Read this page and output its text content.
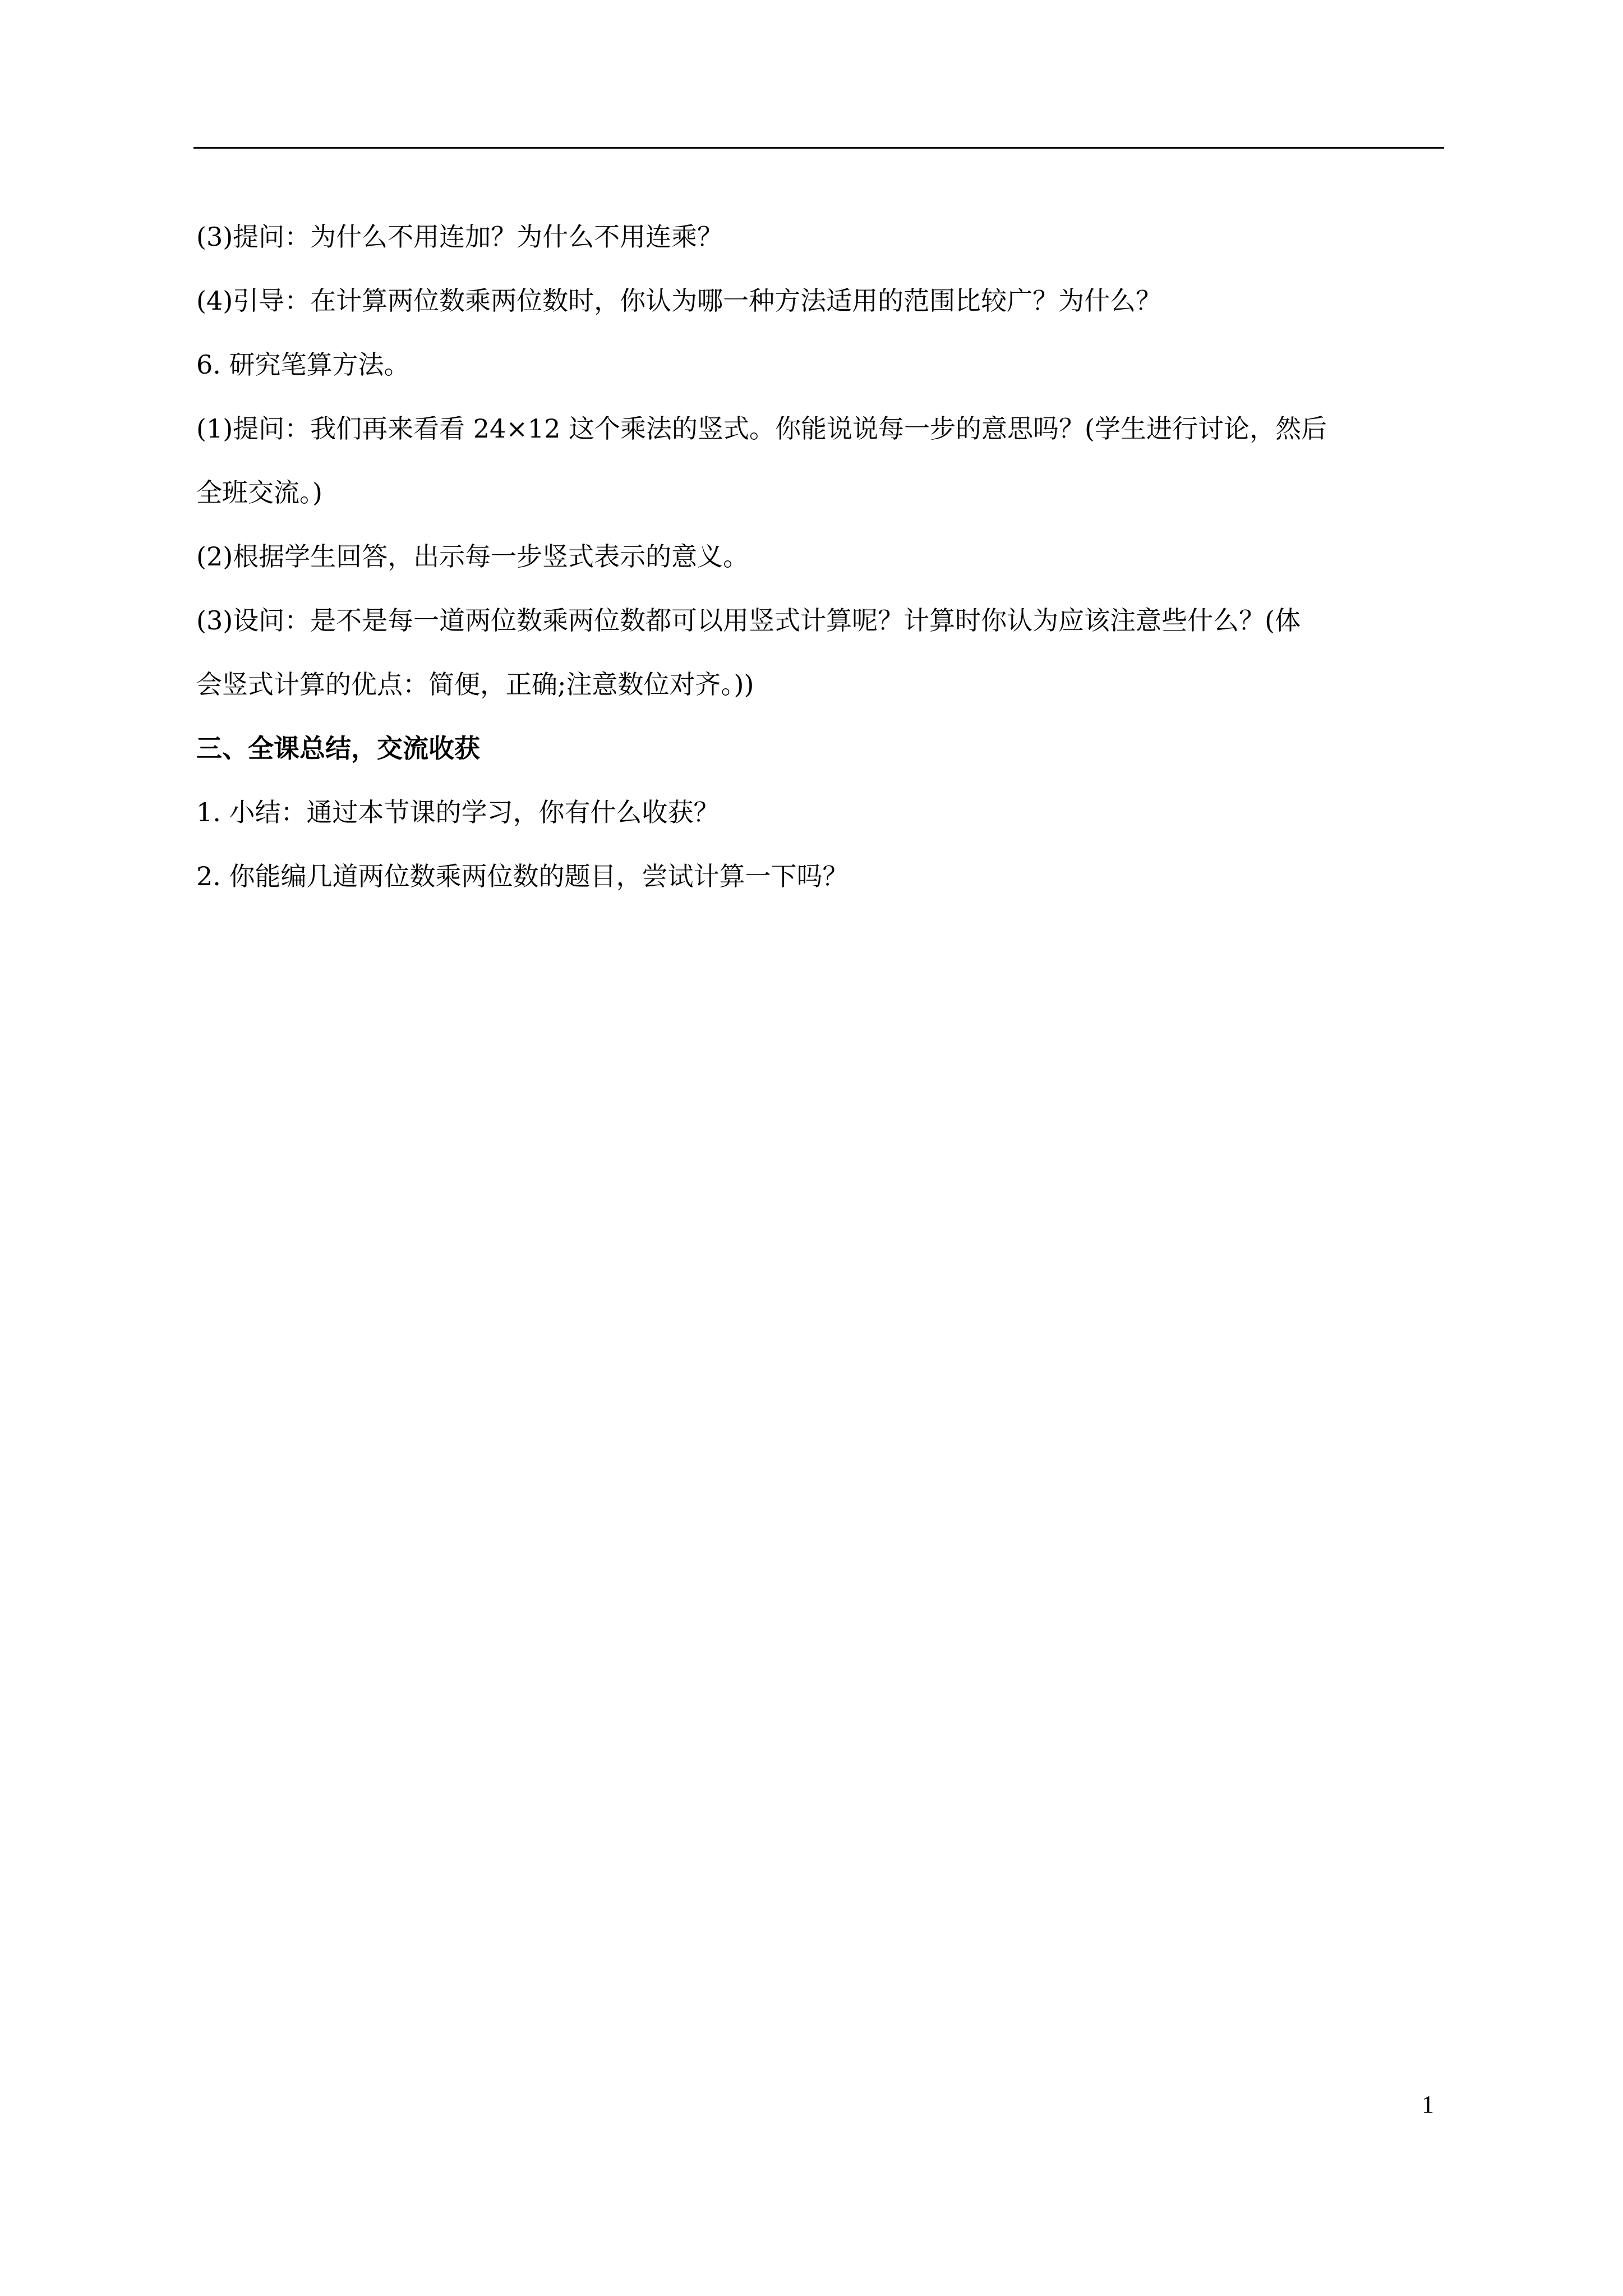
(3)提问：为什么不用连加？为什么不用连乘？
(4)引导：在计算两位数乘两位数时，你认为哪一种方法适用的范围比较广？为什么？
6. 研究笔算方法。
(1)提问：我们再来看看 24×12 这个乘法的竖式。你能说说每一步的意思吗？(学生进行讨论，然后
全班交流。)
(2)根据学生回答，出示每一步竖式表示的意义。
(3)设问：是不是每一道两位数乘两位数都可以用竖式计算呢？计算时你认为应该注意些什么？(体
会竖式计算的优点：简便，正确;注意数位对齐。))
三、全课总结，交流收获
1. 小结：通过本节课的学习，你有什么收获？
2. 你能编几道两位数乘两位数的题目，尝试计算一下吗？
1
